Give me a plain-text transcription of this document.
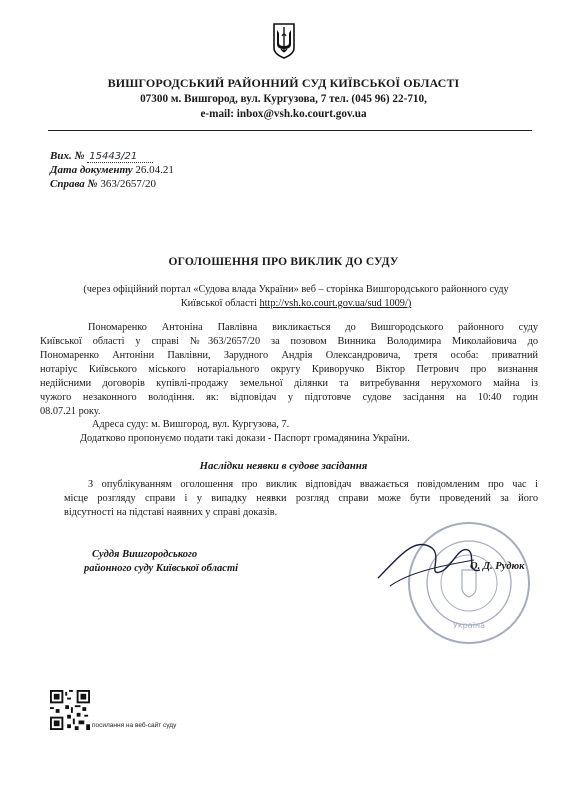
ВИШГОРОДСЬКИЙ РАЙОННИЙ СУД КИЇВСЬКОЇ ОБЛАСТІ
07300 м. Вишгород, вул. Кургузова, 7 тел. (045 96) 22-710,
e-mail: inbox@vsh.ko.court.gov.ua
Вих. № 15443/21
Дата документу 26.04.21
Справа № 363/2657/20
ОГОЛОШЕННЯ ПРО ВИКЛИК ДО СУДУ
(через офіційний портал «Судова влада України» веб – сторінка Вишгородського районного суду
Київської області http://vsh.ko.court.gov.ua/sud 1009/)
Пономаренко Антоніна Павлівна викликається до Вишгородського районного суду
Київської області у справі №363/2657/20 за позовом Винника Володимира Миколайовича до
Пономаренко Антоніни Павлівни, Зарудного Андрія Олександровича, третя особа: приватний
нотаріус Київського міського нотаріального округу Криворучко Віктор Петрович про визнання
недійсними договорів купівлі-продажу земельної ділянки та витребування нерухомого майна із
чужого незаконного володіння. як: відповідач у підготовче судове засідання на 10:40 годин
08.07.21 року.
Адреса суду: м. Вишгород, вул. Кургузова, 7.
Додатково пропонуємо подати такі докази - Паспорт громадянина України.
Наслідки неявки в судове засідання
З опублікуванням оголошення про виклик відповідач вважається повідомленим про час і
місце розгляду справи і у випадку неявки розгляд справи може бути проведений за його
відсутності на підставі наявних у справі доказів.
Україна
Суддя Вишгородського
районного суду Київської області	О. Д. Рудюк
посилання на веб-сайт суду
